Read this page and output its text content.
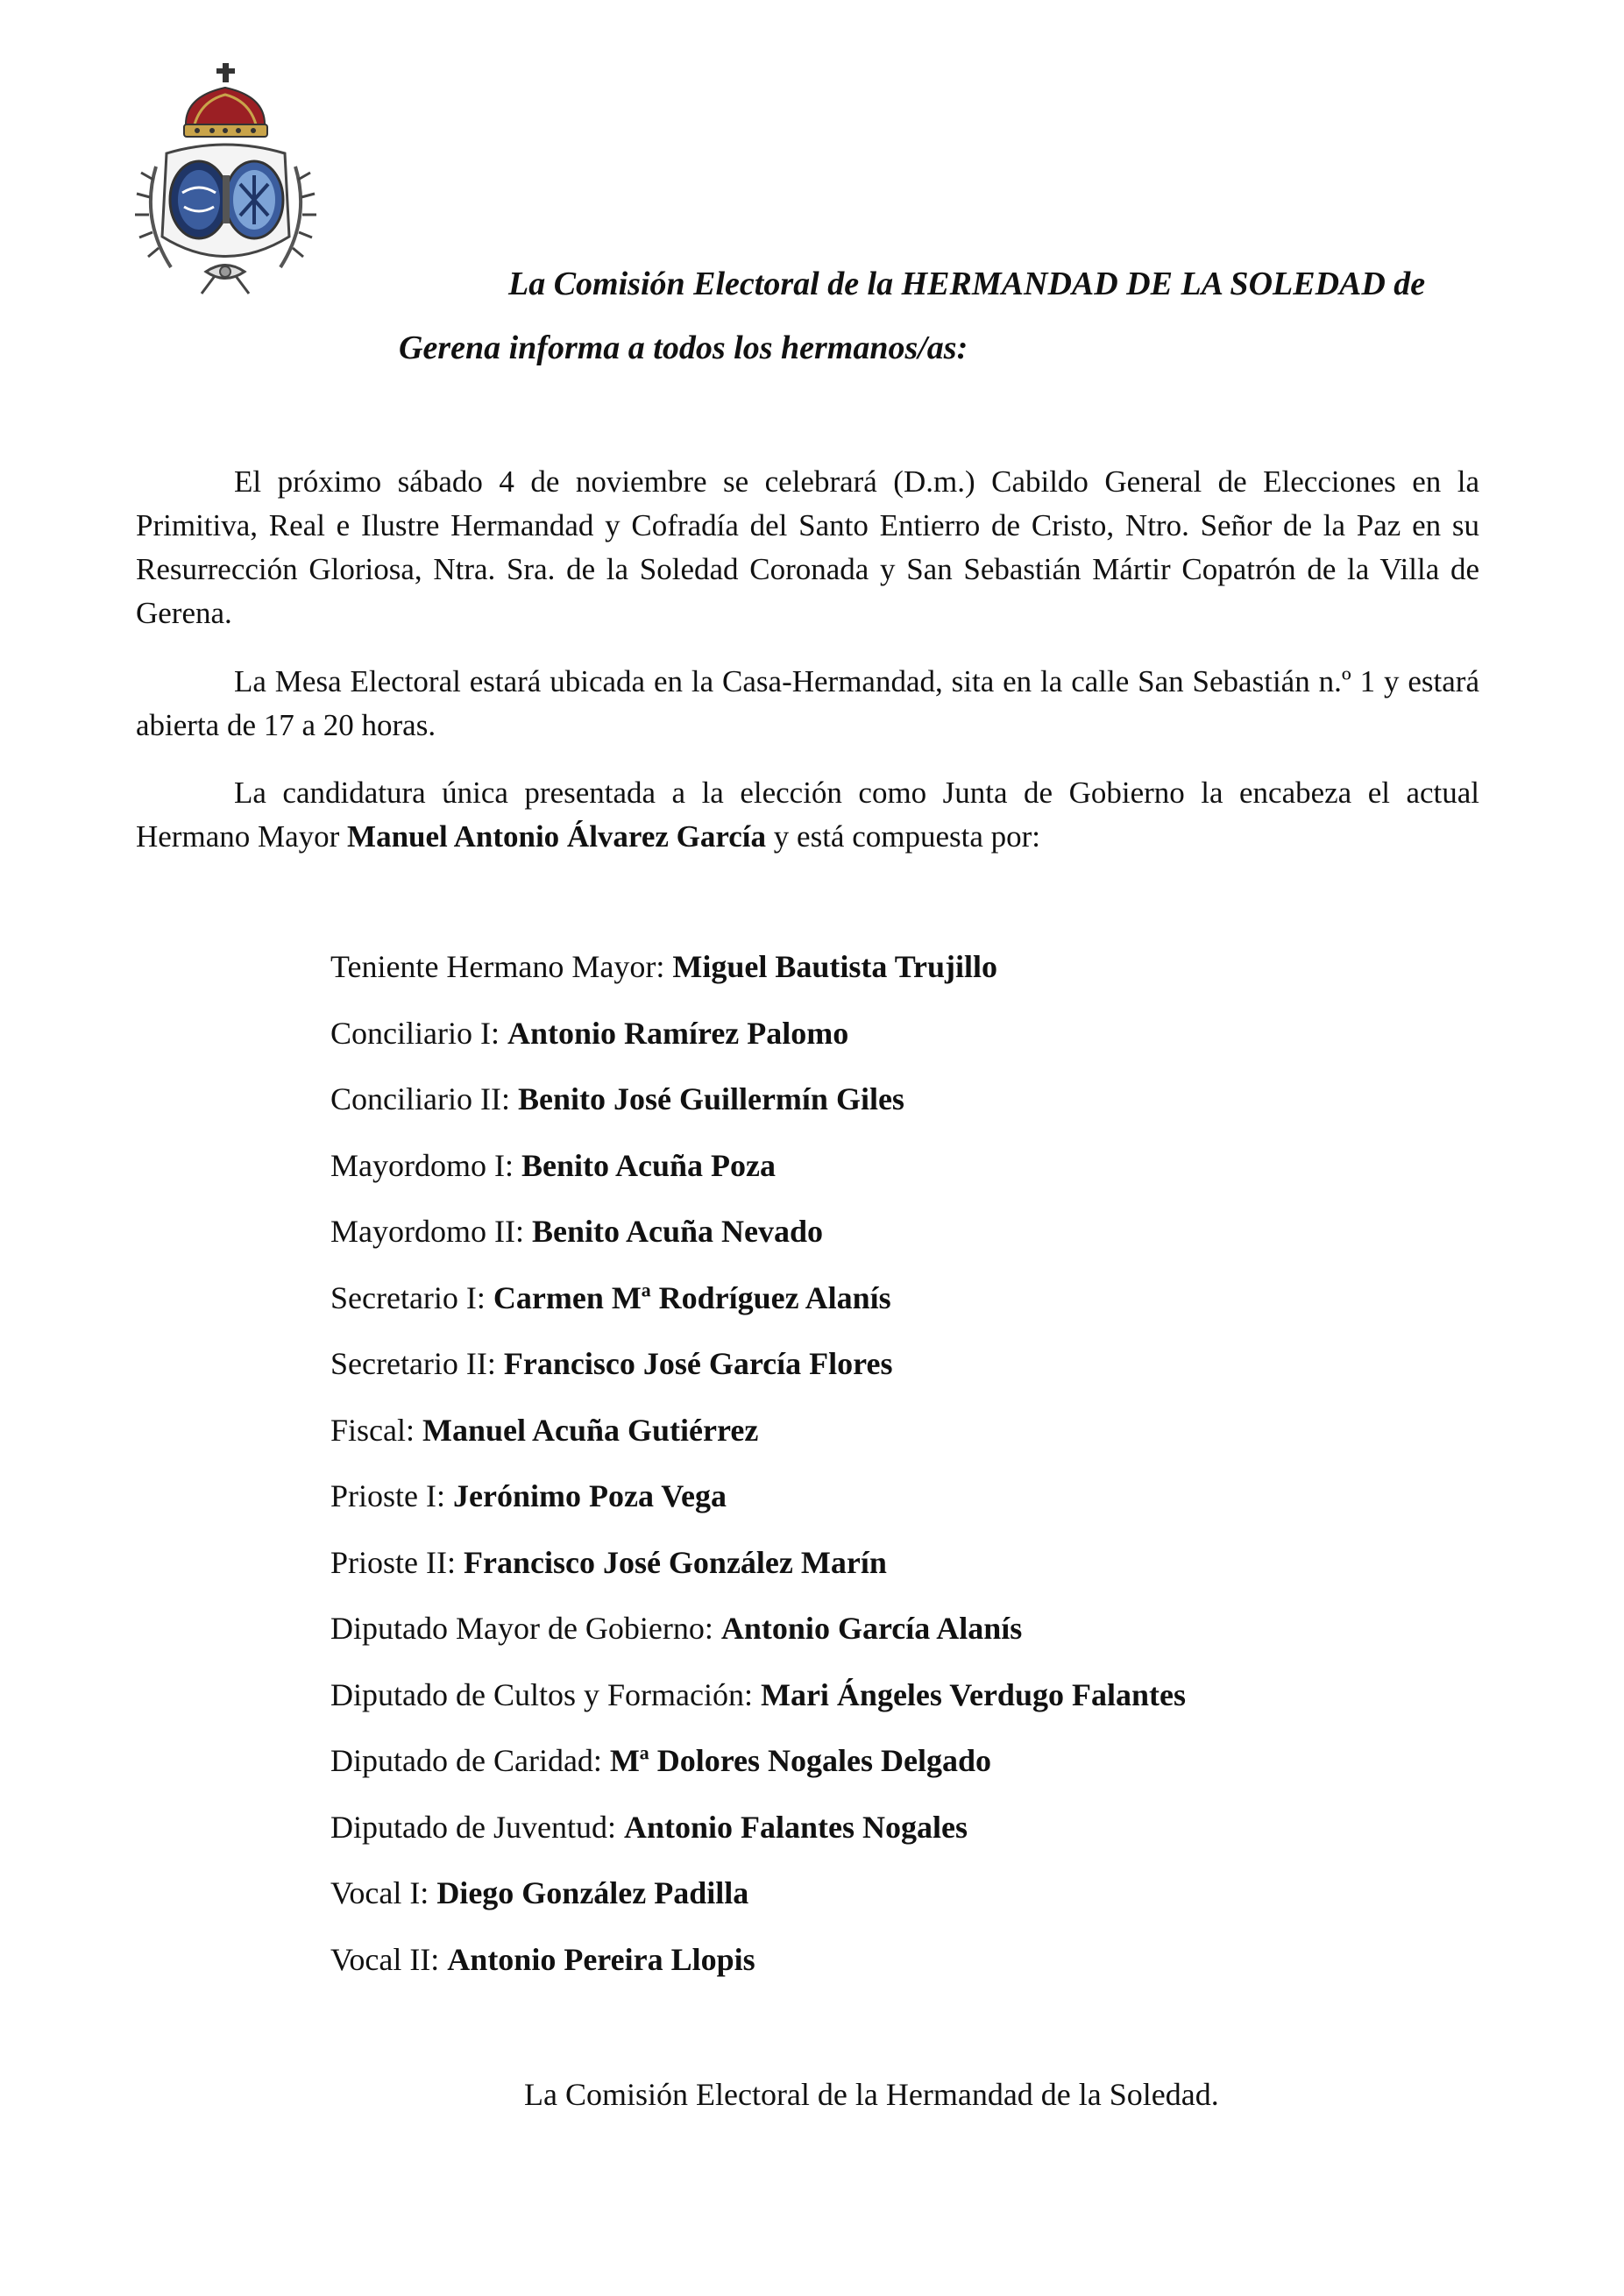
La Comisión Electoral de la HERMANDAD DE LA SOLEDAD de
Gerena informa a todos los hermanos/as:

El próximo sábado 4 de noviembre se celebrará (D.m.) Cabildo General de Elecciones en la Primitiva, Real e Ilustre Hermandad y Cofradía del Santo Entierro de Cristo, Ntro. Señor de la Paz en su Resurrección Gloriosa, Ntra. Sra. de la Soledad Coronada y San Sebastián Mártir Copatrón de la Villa de Gerena.

La Mesa Electoral estará ubicada en la Casa-Hermandad, sita en la calle San Sebastián n.º 1 y estará abierta de 17 a 20 horas.

La candidatura única presentada a la elección como Junta de Gobierno la encabeza el actual Hermano Mayor Manuel Antonio Álvarez García y está compuesta por:

Teniente Hermano Mayor: Miguel Bautista Trujillo
Conciliario I: Antonio Ramírez Palomo
Conciliario II: Benito José Guillermín Giles
Mayordomo I: Benito Acuña Poza
Mayordomo II: Benito Acuña Nevado
Secretario I: Carmen Mª Rodríguez Alanís
Secretario II: Francisco José García Flores
Fiscal: Manuel Acuña Gutiérrez
Prioste I: Jerónimo Poza Vega
Prioste II: Francisco José González Marín
Diputado Mayor de Gobierno: Antonio García Alanís
Diputado de Cultos y Formación: Mari Ángeles Verdugo Falantes
Diputado de Caridad: Mª Dolores Nogales Delgado
Diputado de Juventud: Antonio Falantes Nogales
Vocal I: Diego González Padilla
Vocal II: Antonio Pereira Llopis
La Comisión Electoral de la Hermandad de la Soledad.
